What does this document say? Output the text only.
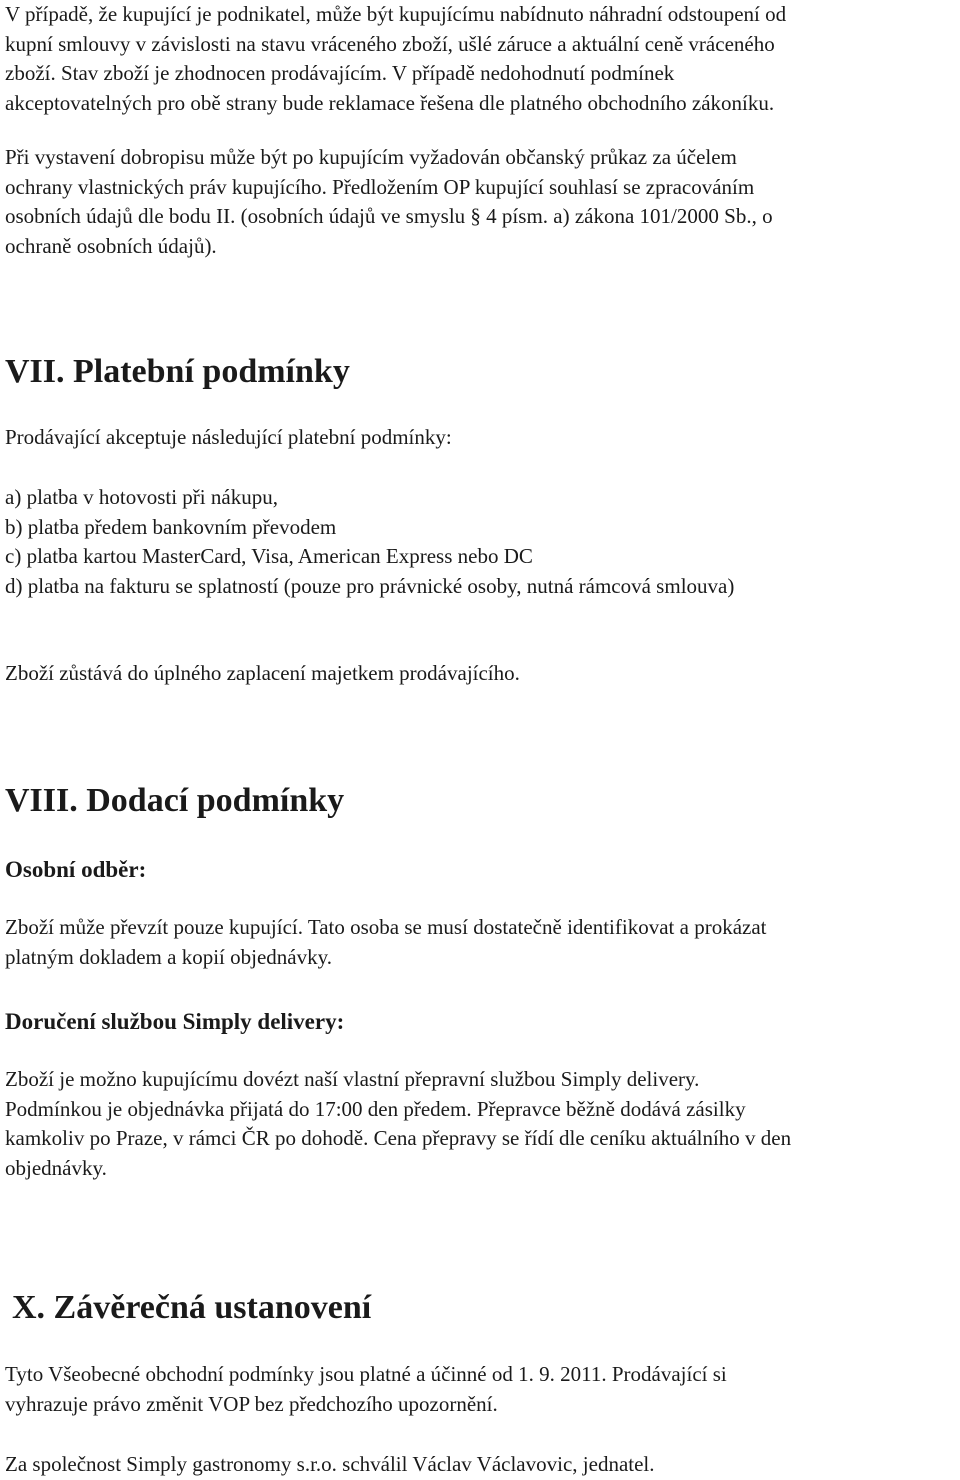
V případě, že kupující je podnikatel, může být kupujícímu nabídnuto náhradní odstoupení od
kupní smlouvy v závislosti na stavu vráceného zboží, ušlé záruce a aktuální ceně vráceného
zboží. Stav zboží je zhodnocen prodávajícím. V případě nedohodnutí podmínek
akceptovatelných pro obě strany bude reklamace řešena dle platného obchodního zákoníku.
Při vystavení dobropisu může být po kupujícím vyžadován občanský průkaz za účelem
ochrany vlastnických práv kupujícího. Předložením OP kupující souhlasí se zpracováním
osobních údajů dle bodu II. (osobních údajů ve smyslu § 4 písm. a) zákona 101/2000 Sb., o
ochraně osobních údajů).
VII. Platební podmínky
Prodávající akceptuje následující platební podmínky:
a) platba v hotovosti při nákupu,
b) platba předem bankovním převodem
c) platba kartou MasterCard, Visa, American Express nebo DC
d) platba na fakturu se splatností (pouze pro právnické osoby, nutná rámcová smlouva)
Zboží zůstává do úplného zaplacení majetkem prodávajícího.
VIII. Dodací podmínky
Osobní odběr:
Zboží může převzít pouze kupující. Tato osoba se musí dostatečně identifikovat a prokázat
platným dokladem a kopií objednávky.
Doručení službou Simply delivery:
Zboží je možno kupujícímu dovézt naší vlastní přepravní službou Simply delivery.
Podmínkou je objednávka přijatá do 17:00 den předem. Přepravce běžně dodává zásilky
kamkoliv po Praze, v rámci ČR po dohodě. Cena přepravy se řídí dle ceníku aktuálního v den
objednávky.
X. Závěrečná ustanovení
Tyto Všeobecné obchodní podmínky jsou platné a účinné od 1. 9. 2011. Prodávající si
vyhrazuje právo změnit VOP bez předchozího upozornění.
Za společnost Simply gastronomy s.r.o. schválil Václav Václavovic, jednatel.
